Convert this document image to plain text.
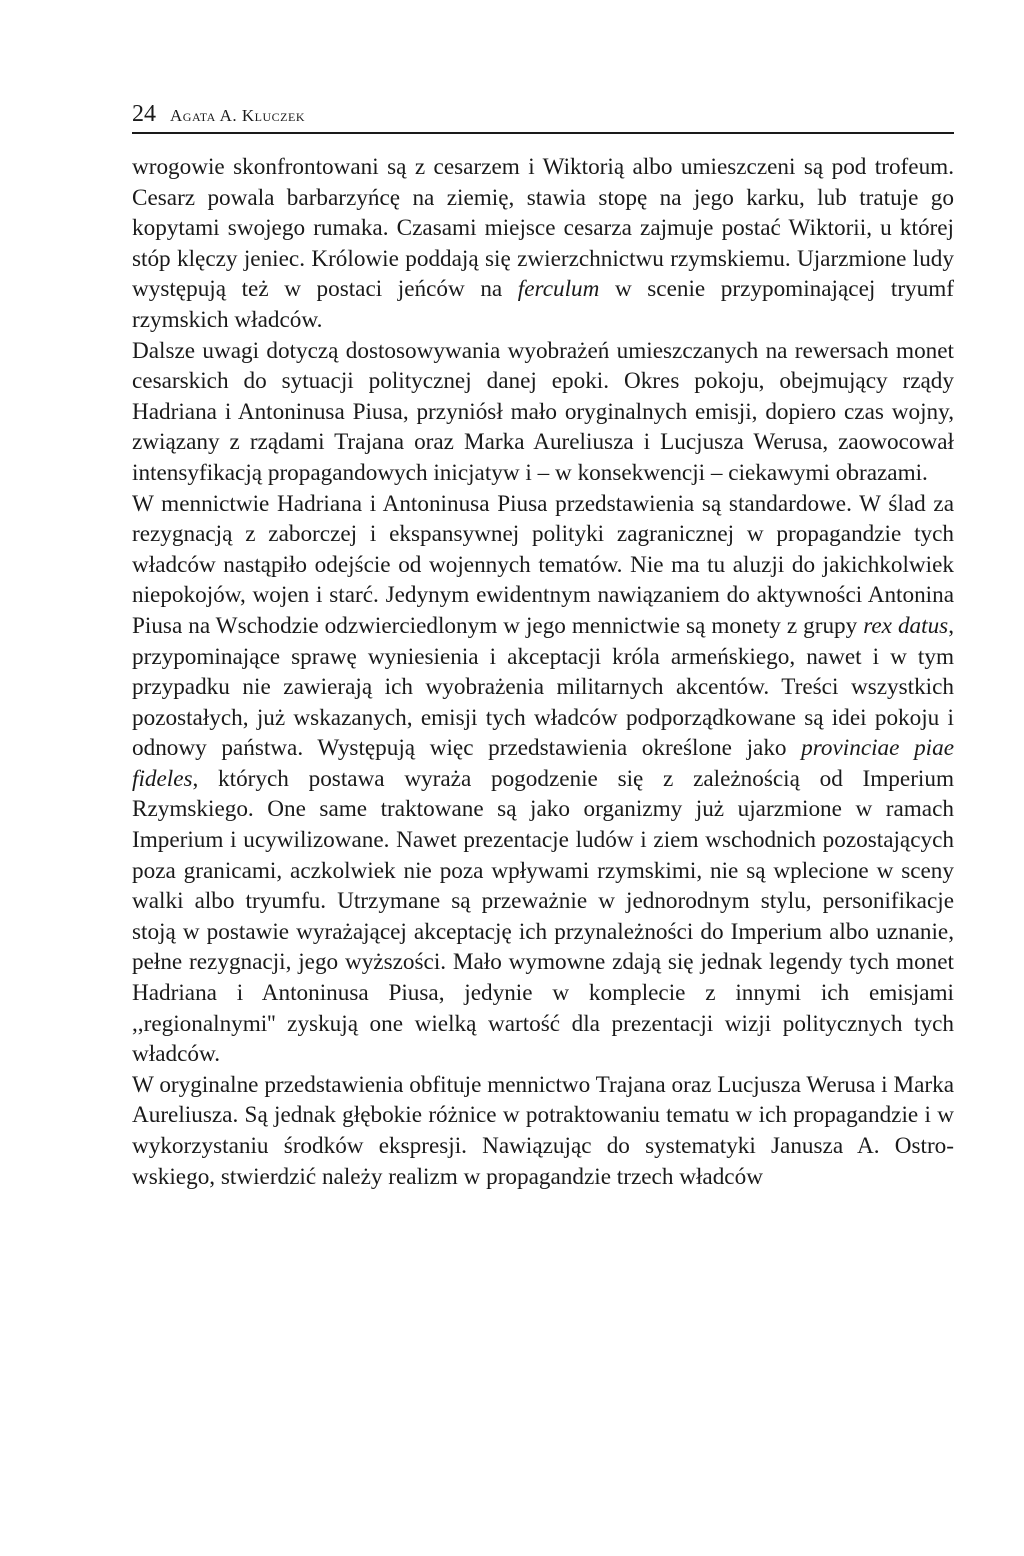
24 Agata A. Kluczek

wrogowie skonfrontowani są z cesarzem i Wiktorią albo umieszczeni są pod trofeum. Cesarz powala barbarzyńcę na ziemię, stawia stopę na jego karku, lub tratuje go kopytami swojego rumaka. Czasami miejsce cesarza zajmuje postać Wiktorii, u której stóp klęczy jeniec. Królowie poddają się zwierzchnictwu rzymskiemu. Ujarzmione ludy występują też w postaci jeńców na ferculum w scenie przypominającej tryumf rzymskich władców.

Dalsze uwagi dotyczą dostosowywania wyobrażeń umieszczanych na rewersach monet cesarskich do sytuacji politycznej danej epoki. Okres pokoju, obejmujący rządy Hadriana i Antoninusa Piusa, przyniósł mało oryginalnych emisji, dopiero czas wojny, związany z rządami Trajana oraz Marka Aureliusza i Lucjusza Werusa, zaowocował intensyfikacją propagandowych inicjatyw i – w konsekwencji – ciekawymi obrazami.

W mennictwie Hadriana i Antoninusa Piusa przedstawienia są standardowe. W ślad za rezygnacją z zaborczej i ekspansywnej polityki zagranicznej w propagandzie tych władców nastąpiło odejście od wojennych tematów. Nie ma tu aluzji do jakichkolwiek niepokojów, wojen i starć. Jedynym ewidentnym nawiązaniem do aktywności Antonina Piusa na Wschodzie odzwierciedlonym w jego mennictwie są monety z grupy rex datus, przypominające sprawę wyniesienia i akceptacji króla armeńskiego, nawet i w tym przypadku nie zawierają ich wyobrażenia militarnych akcentów. Treści wszystkich pozostałych, już wskazanych, emisji tych władców podporządkowane są idei pokoju i odnowy państwa. Występują więc przedstawienia określone jako provinciae piae fideles, których postawa wyraża pogodzenie się z zależnością od Imperium Rzymskiego. One same traktowane są jako organizmy już ujarzmione w ramach Imperium i ucywilizowane. Nawet prezentacje ludów i ziem wschodnich pozostających poza granicami, aczkolwiek nie poza wpływami rzymskimi, nie są wplecione w sceny walki albo tryumfu. Utrzymane są przeważnie w jednorodnym stylu, personifikacje stoją w postawie wyrażającej akceptację ich przynależności do Imperium albo uznanie, pełne rezygnacji, jego wyższości. Mało wymowne zdają się jednak legendy tych monet Hadriana i Antoninusa Piusa, jedynie w komplecie z innymi ich emisjami ,,regionalnymi'' zyskują one wielką wartość dla prezentacji wizji politycznych tych władców.

W oryginalne przedstawienia obfituje mennictwo Trajana oraz Lucjusza Werusa i Marka Aureliusza. Są jednak głębokie różnice w potraktowaniu tematu w ich propagandzie i w wykorzystaniu środków ekspresji. Nawiązując do systematyki Janusza A. Ostrowskiego, stwierdzić należy realizm w propagandzie trzech władców
